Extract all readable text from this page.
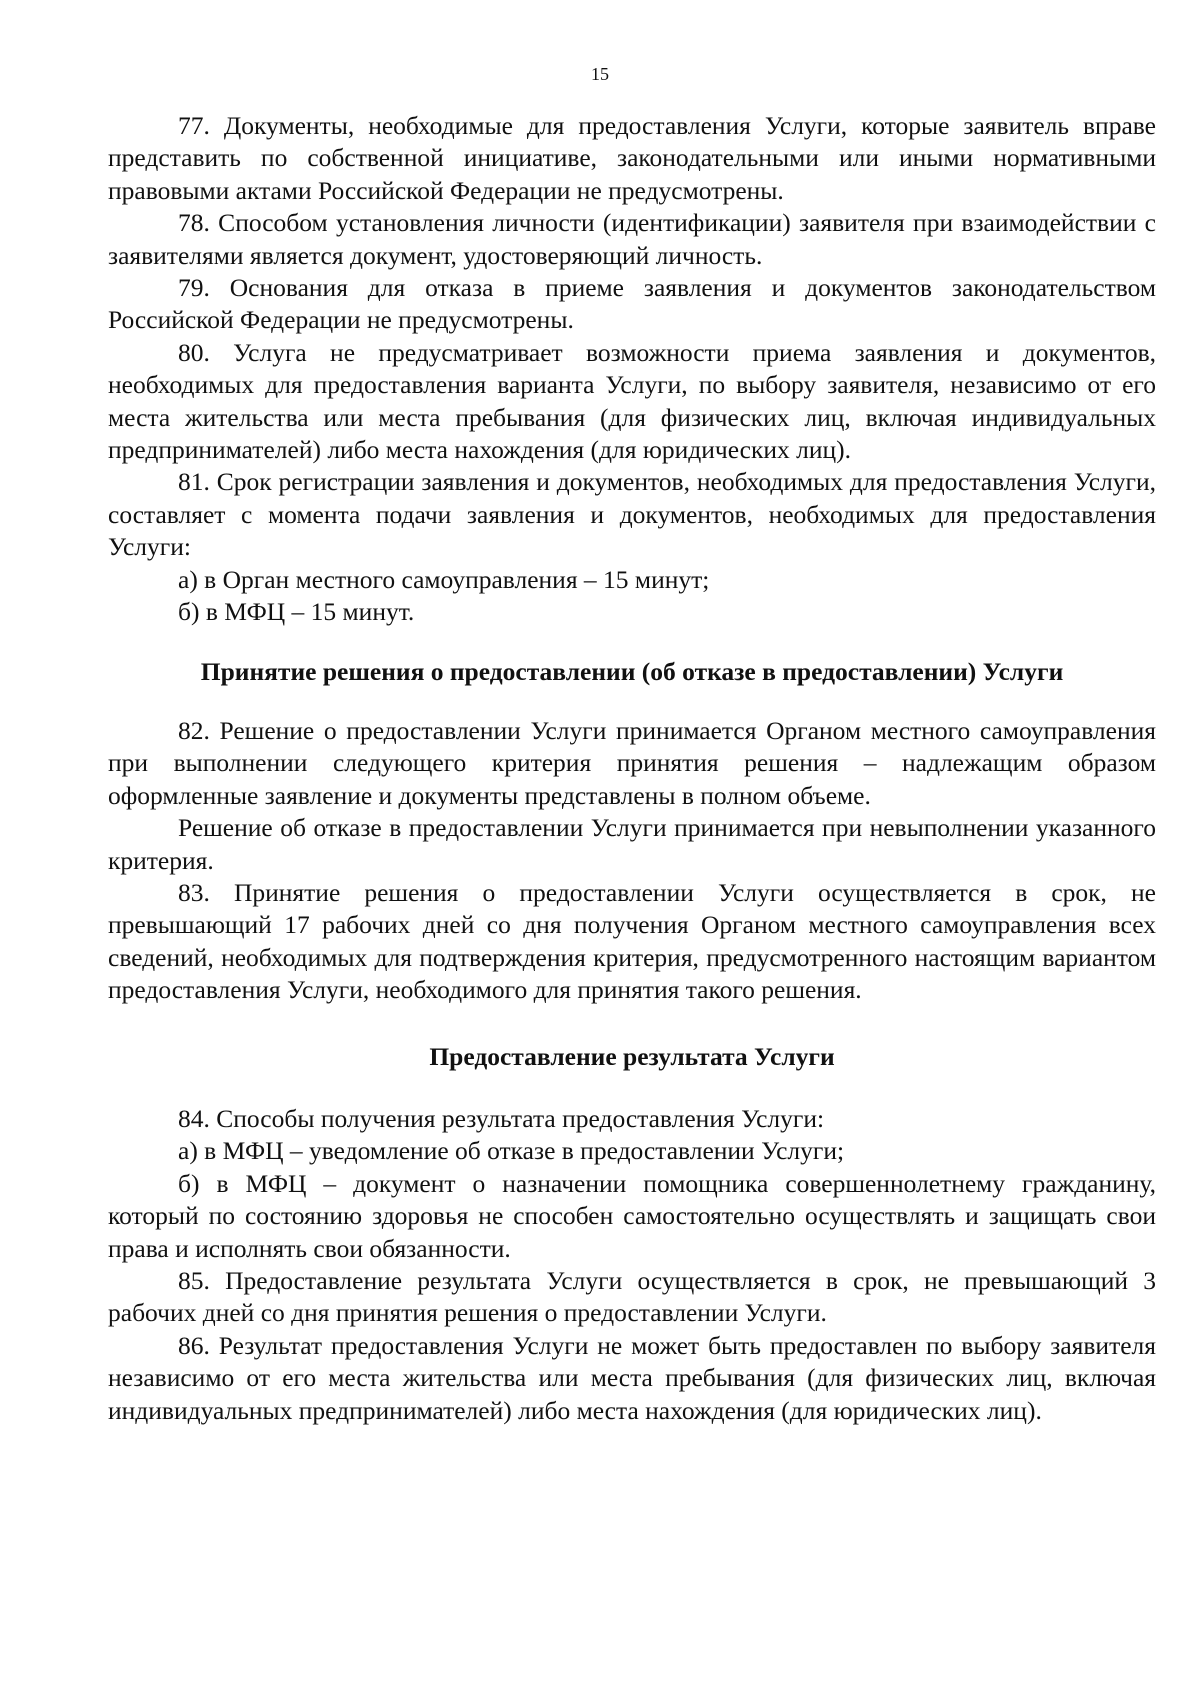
15

77. Документы, необходимые для предоставления Услуги, которые заявитель вправе представить по собственной инициативе, законодательными или иными нормативными правовыми актами Российской Федерации не предусмотрены.

78. Способом установления личности (идентификации) заявителя при взаимодействии с заявителями является документ, удостоверяющий личность.

79. Основания для отказа в приеме заявления и документов законодательством Российской Федерации не предусмотрены.

80. Услуга не предусматривает возможности приема заявления и документов, необходимых для предоставления варианта Услуги, по выбору заявителя, независимо от его места жительства или места пребывания (для физических лиц, включая индивидуальных предпринимателей) либо места нахождения (для юридических лиц).

81. Срок регистрации заявления и документов, необходимых для предоставления Услуги, составляет с момента подачи заявления и документов, необходимых для предоставления Услуги:

а) в Орган местного самоуправления – 15 минут;

б) в МФЦ – 15 минут.

Принятие решения о предоставлении (об отказе в предоставлении) Услуги

82. Решение о предоставлении Услуги принимается Органом местного самоуправления при выполнении следующего критерия принятия решения – надлежащим образом оформленные заявление и документы представлены в полном объеме.

Решение об отказе в предоставлении Услуги принимается при невыполнении указанного критерия.

83. Принятие решения о предоставлении Услуги осуществляется в срок, не превышающий 17 рабочих дней со дня получения Органом местного самоуправления всех сведений, необходимых для подтверждения критерия, предусмотренного настоящим вариантом предоставления Услуги, необходимого для принятия такого решения.

Предоставление результата Услуги

84. Способы получения результата предоставления Услуги:

а) в МФЦ – уведомление об отказе в предоставлении Услуги;

б) в МФЦ – документ о назначении помощника совершеннолетнему гражданину, который по состоянию здоровья не способен самостоятельно осуществлять и защищать свои права и исполнять свои обязанности.

85. Предоставление результата Услуги осуществляется в срок, не превышающий 3 рабочих дней со дня принятия решения о предоставлении Услуги.

86. Результат предоставления Услуги не может быть предоставлен по выбору заявителя независимо от его места жительства или места пребывания (для физических лиц, включая индивидуальных предпринимателей) либо места нахождения (для юридических лиц).
